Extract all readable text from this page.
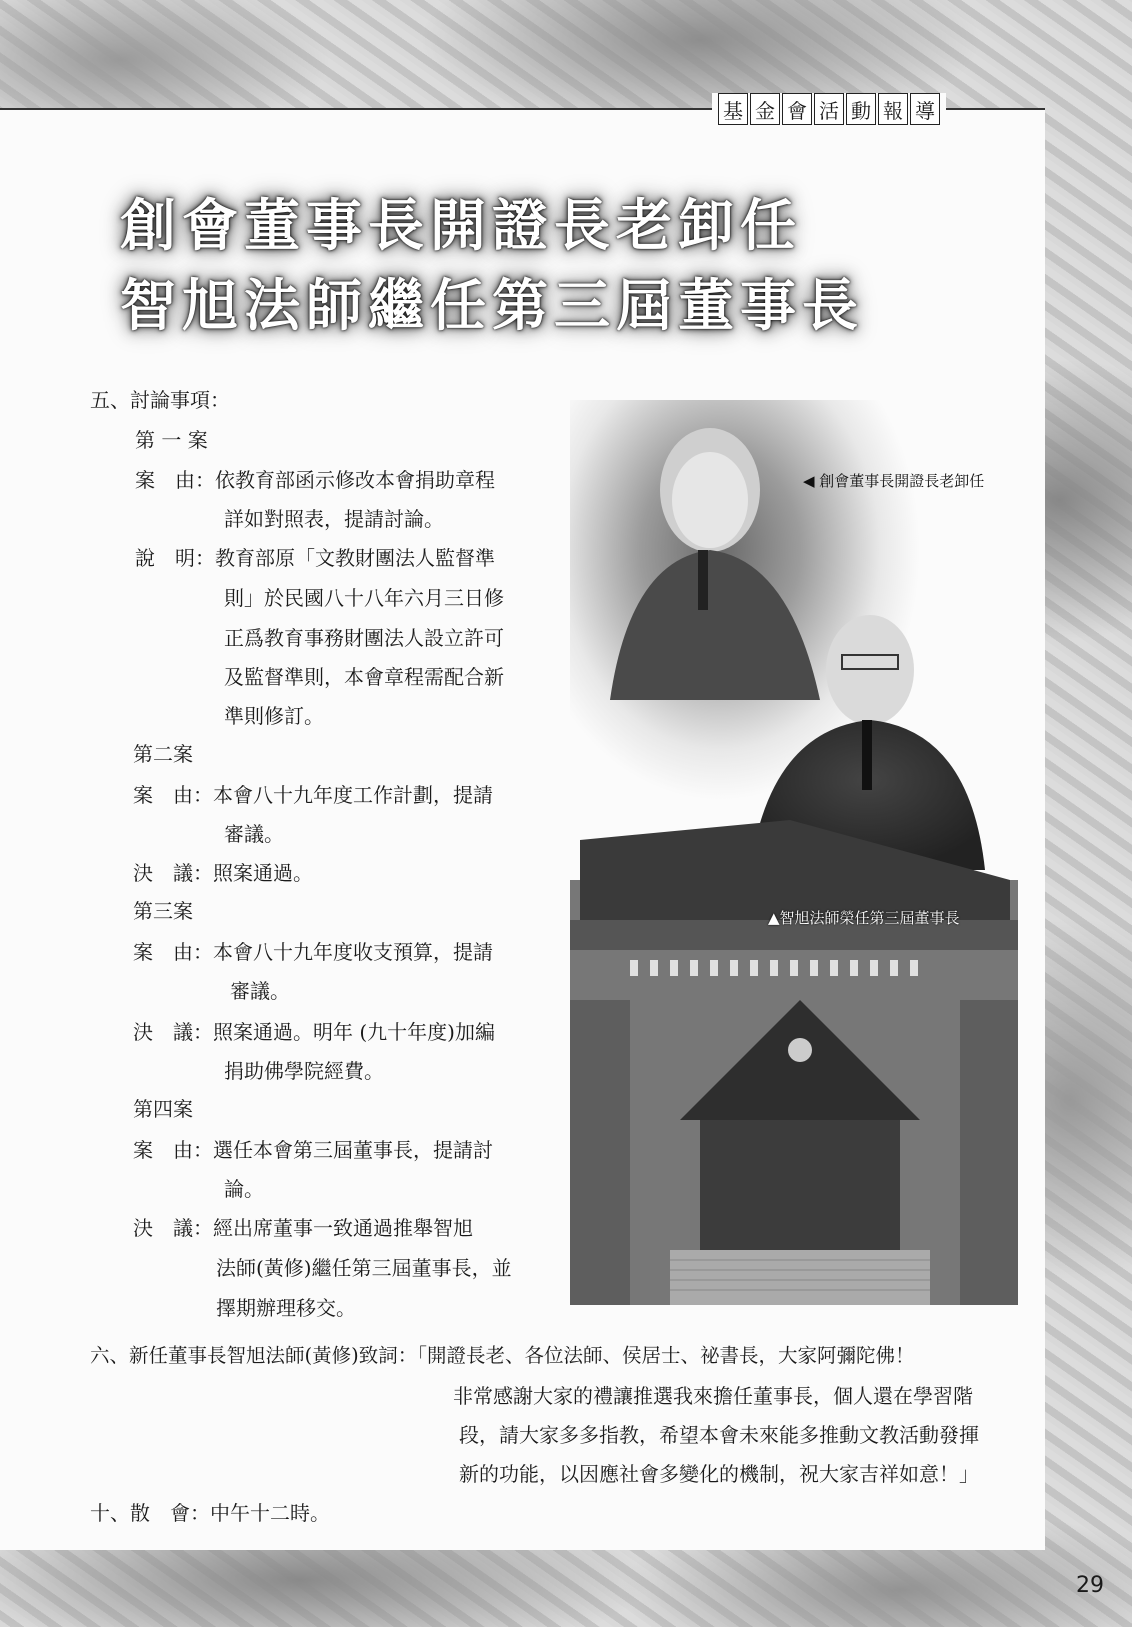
基 金 會 活 動 報 導
創會董事長開證長老卸任
智旭法師繼任第三屆董事長
◀ 創會董事長開證長老卸任
▲智旭法師榮任第三屆董事長
五、討論事項：
第 一 案
案　由：依教育部函示修改本會捐助章程
詳如對照表，提請討論。
說　明：教育部原「文教財團法人監督準
則」於民國八十八年六月三日修
正爲教育事務財團法人設立許可
及監督準則，本會章程需配合新
準則修訂。
第二案
案　由：本會八十九年度工作計劃，提請
審議。
決　議：照案通過。
第三案
案　由：本會八十九年度收支預算，提請
審議。
決　議：照案通過。明年 (九十年度)加編
捐助佛學院經費。
第四案
案　由：選任本會第三屆董事長，提請討
論。
決　議：經出席董事一致通過推舉智旭
法師(黃修)繼任第三屆董事長，並
擇期辦理移交。
六、新任董事長智旭法師(黃修)致詞：「開證長老、各位法師、侯居士、祕書長，大家阿彌陀佛！
非常感謝大家的禮讓推選我來擔任董事長，個人還在學習階
段，請大家多多指教，希望本會未來能多推動文教活動發揮
新的功能，以因應社會多變化的機制，祝大家吉祥如意！」
十、散　會：中午十二時。
29
